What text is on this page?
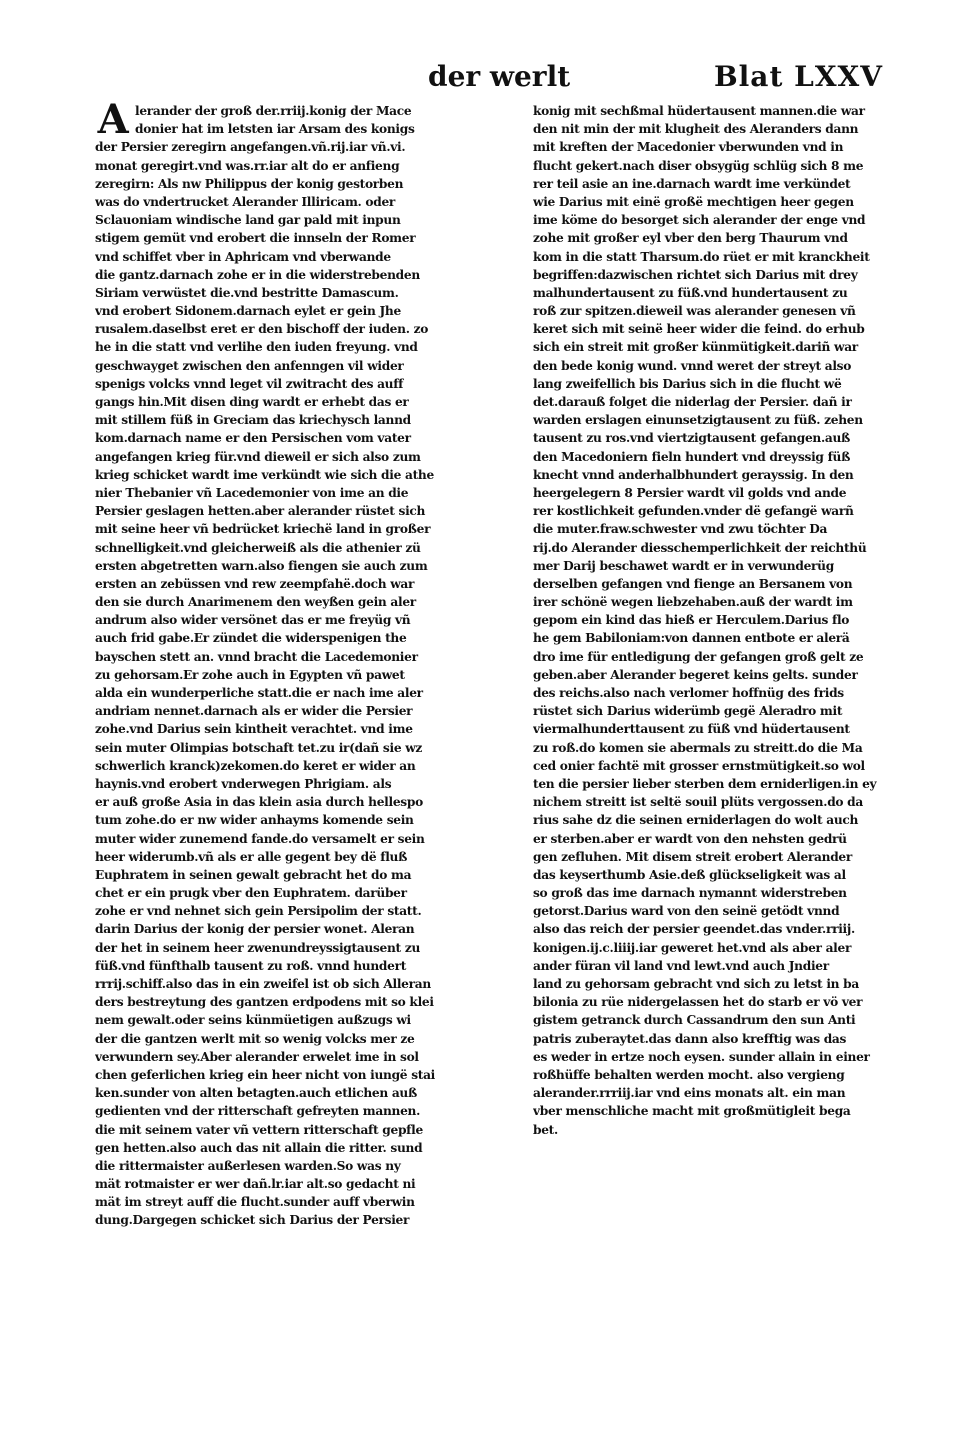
der werlt	Blat LXXV
A lerander der groß der.rriij.konig der Mace
donier hat im letsten iar Arsam des konigs
der Persier zeregirn angefangen.vñ.rij.iar vñ.vi.
monat geregirt.vnd was.rr.iar alt do er anfieng
zeregirn: Als nw Philippus der konig gestorben
was do vndertrucket Alerander Illiricam. oder
Sclauoniam windische land gar pald mit inpun
stigem gemüt vnd erobert die innseln der Romer
vnd schiffet vber in Aphricam vnd vberwande
die gantz.darnach zohe er in die widerstrebenden
Siriam verwüstet die.vnd bestritte Damascum.
vnd erobert Sidonem.darnach eylet er gein Jhe
rusalem.daselbst eret er den bischoff der iuden. zo
he in die statt vnd verlihe den iuden freyung. vnd
geschwayget zwischen den anfenngen vil wider
spenigs volcks vnnd leget vil zwitracht des auff
gangs hin.Mit disen ding wardt er erhebt das er
mit stillem füß in Greciam das kriechysch lannd
kom.darnach name er den Persischen vom vater
angefangen krieg für.vnd dieweil er sich also zum
krieg schicket wardt ime verkündt wie sich die athe
nier Thebanier vñ Lacedemonier von ime an die
Persier geslagen hetten.aber alerander rüstet sich
mit seine heer vñ bedrücket kriechë land in großer
schnelligkeit.vnd gleicherweiß als die athenier zü
ersten abgetretten warn.also fiengen sie auch zum
ersten an zebüssen vnd rew zeempfahë.doch war
den sie durch Anarimenem den weyßen gein aler
andrum also wider versönet das er me freyüg vñ
auch frid gabe.Er zündet die widerspenigen the
bayschen stett an. vnnd bracht die Lacedemonier
zu gehorsam.Er zohe auch in Egypten vñ pawet
alda ein wunderperliche statt.die er nach ime aler
andriam nennet.darnach als er wider die Persier
zohe.vnd Darius sein kintheit verachtet. vnd ime
sein muter Olimpias botschaft tet.zu ir(dañ sie wz
schwerlich kranck)zekomen.do keret er wider an
haynis.vnd erobert vnderwegen Phrigiam. als
er auß große Asia in das klein asia durch hellespo
tum zohe.do er nw wider anhayms komende sein
muter wider zunemend fande.do versamelt er sein
heer widerumb.vñ als er alle gegent bey dë fluß
Euphratem in seinen gewalt gebracht het do ma
chet er ein prugk vber den Euphratem. darüber
zohe er vnd nehnet sich gein Persipolim der statt.
darin Darius der konig der persier wonet. Aleran
der het in seinem heer zwenundreyssigtausent zu
füß.vnd fünfthalb tausent zu roß. vnnd hundert
rrrij.schiff.also das in ein zweifel ist ob sich Alleran
ders bestreytung des gantzen erdpodens mit so klei
nem gewalt.oder seins künmüetigen außzugs wi
der die gantzen werlt mit so wenig volcks mer ze
verwundern sey.Aber alerander erwelet ime in sol
chen geferlichen krieg ein heer nicht von iungë stai
ken.sunder von alten betagten.auch etlichen auß
gedienten vnd der ritterschaft gefreyten mannen.
die mit seinem vater vñ vettern ritterschaft gepfle
gen hetten.also auch das nit allain die ritter. sund
die rittermaister außerlesen warden.So was ny
mät rotmaister er wer dañ.lr.iar alt.so gedacht ni
mät im streyt auff die flucht.sunder auff vberwin
dung.Dargegen schicket sich Darius der Persier
konig mit sechßmal hüdertausent mannen.die war
den nit min der mit klugheit des Aleranders dann
mit kreften der Macedonier vberwunden vnd in
flucht gekert.nach diser obsygüg schlüg sich 8 me
rer teil asie an ine.darnach wardt ime verkündet
wie Darius mit einë großë mechtigen heer gegen
ime köme do besorget sich alerander der enge vnd
zohe mit großer eyl vber den berg Thaurum vnd
kom in die statt Tharsum.do rüet er mit kranckheit
begriffen:dazwischen richtet sich Darius mit drey
malhundertausent zu füß.vnd hundertausent zu
roß zur spitzen.dieweil was alerander genesen vñ
keret sich mit seinë heer wider die feind. do erhub
sich ein streit mit großer künmütigkeit.dariñ war
den bede konig wund. vnnd weret der streyt also
lang zweifellich bis Darius sich in die flucht wë
det.darauß folget die niderlag der Persier. dañ ir
warden erslagen einunsetzigtausent zu füß. zehen
tausent zu ros.vnd viertzigtausent gefangen.auß
den Macedoniern fieln hundert vnd dreyssig füß
knecht vnnd anderhalbhundert gerayssig. In den
heergelegern 8 Persier wardt vil golds vnd ande
rer kostlichkeit gefunden.vnder dë gefangë warñ
die muter.fraw.schwester vnd zwu töchter Da
rij.do Alerander diesschemperlichkeit der reichthü
mer Darij beschawet wardt er in verwunderüg
derselben gefangen vnd fienge an Bersanem von
irer schönë wegen liebzehaben.auß der wardt im
gepom ein kind das hieß er Herculem.Darius flo
he gem Babiloniam:von dannen entbote er alerä
dro ime für entledigung der gefangen groß gelt ze
geben.aber Alerander begeret keins gelts. sunder
des reichs.also nach verlomer hoffnüg des frids
rüstet sich Darius widerümb gegë Aleradro mit
viermalhunderttausent zu füß vnd hüdertausent
zu roß.do komen sie abermals zu streitt.do die Ma
ced onier fachtë mit grosser ernstmütigkeit.so wol
ten die persier lieber sterben dem erniderligen.in ey
nichem streitt ist seltë souil plüts vergossen.do da
rius sahe dz die seinen erniderlagen do wolt auch
er sterben.aber er wardt von den nehsten gedrü
gen zefluhen. Mit disem streit erobert Alerander
das keyserthumb Asie.deß glückseligkeit was al
so groß das ime darnach nymannt widerstreben
getorst.Darius ward von den seinë getödt vnnd
also das reich der persier geendet.das vnder.rriij.
konigen.ij.c.liiij.iar geweret het.vnd als aber aler
ander füran vil land vnd lewt.vnd auch Jndier
land zu gehorsam gebracht vnd sich zu letst in ba
bilonia zu rüe nidergelassen het do starb er vö ver
gistem getranck durch Cassandrum den sun Anti
patris zuberaytet.das dann also krefftig was das
es weder in ertze noch eysen. sunder allain in einer
roßhüffe behalten werden mocht. also vergieng
alerander.rrriij.iar vnd eins monats alt. ein man
vber menschliche macht mit großmütigleit bega
bet.
